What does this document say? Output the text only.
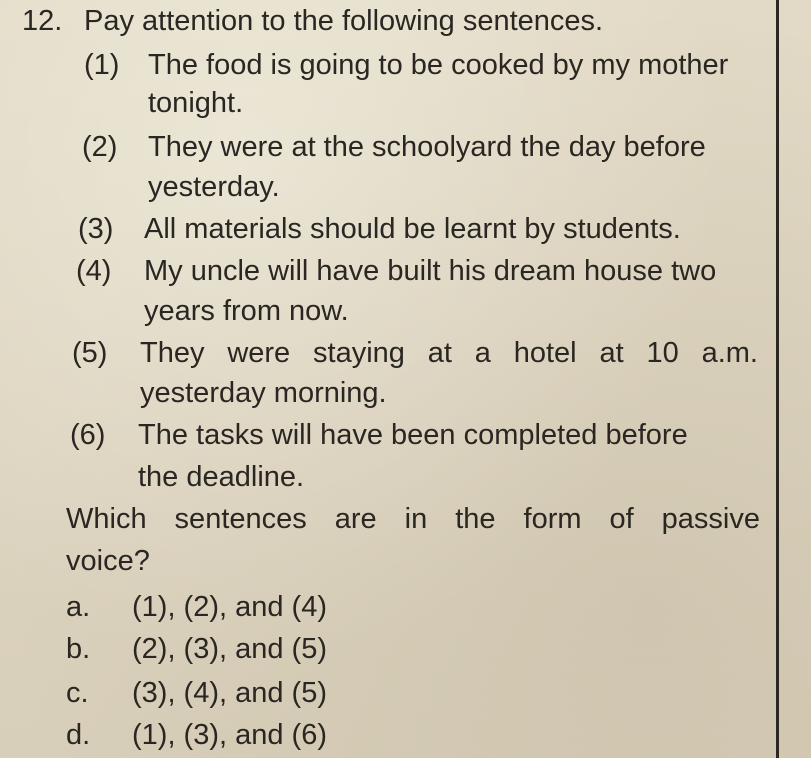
12. Pay attention to the following sentences.
(1) The food is going to be cooked by my mother
tonight.
(2) They were at the schoolyard the day before
yesterday.
(3) All materials should be learnt by students.
(4) My uncle will have built his dream house two
years from now.
(5) They were staying at a hotel at 10 a.m.
yesterday morning.
(6) The tasks will have been completed before
the deadline.
Which sentences are in the form of passive
voice?
a. (1), (2), and (4)
b. (2), (3), and (5)
c. (3), (4), and (5)
d. (1), (3), and (6)
